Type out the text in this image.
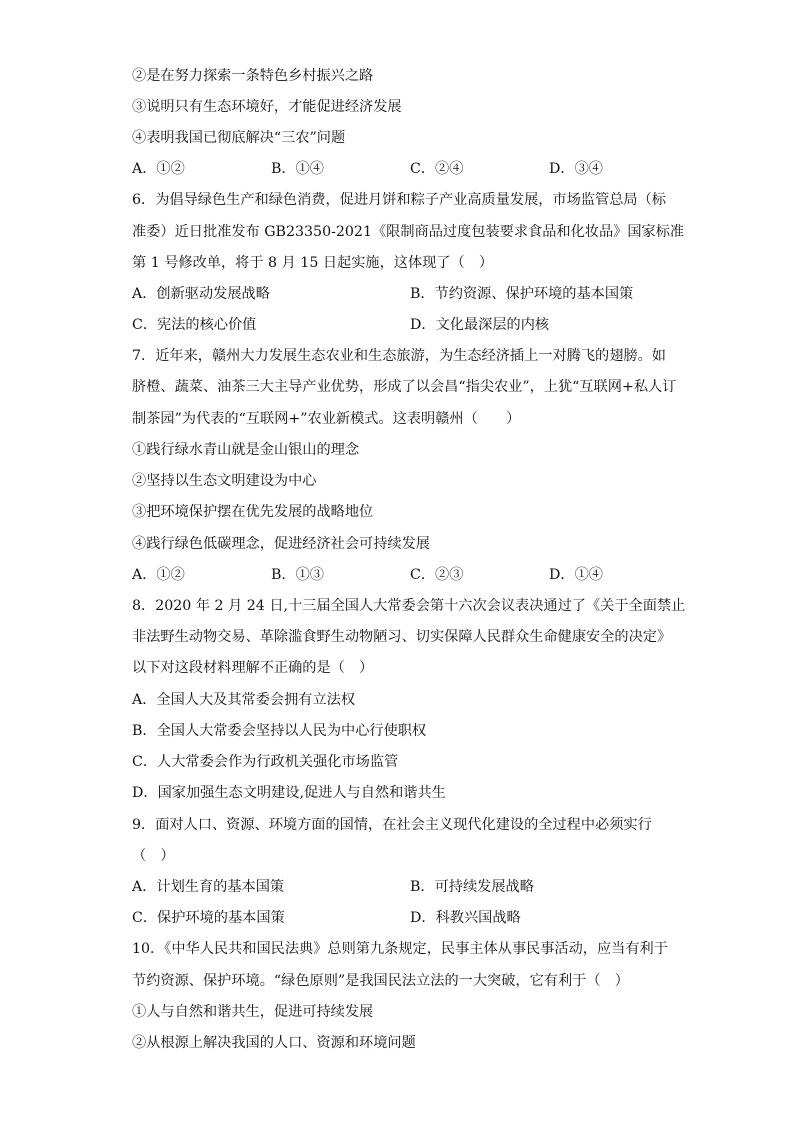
②是在努力探索一条特色乡村振兴之路
③说明只有生态环境好，才能促进经济发展
④表明我国已彻底解决“三农”问题
A．①②	B．①④	C．②④	D．③④
6．为倡导绿色生产和绿色消费，促进月饼和粽子产业高质量发展，市场监管总局（标
准委）近日批准发布 GB23350-2021《限制商品过度包装要求食品和化妆品》国家标准
第 1 号修改单，将于 8 月 15 日起实施，这体现了（　）
A．创新驱动发展战略	B．节约资源、保护环境的基本国策
C．宪法的核心价值	D．文化最深层的内核
7．近年来，赣州大力发展生态农业和生态旅游，为生态经济插上一对腾飞的翅膀。如
脐橙、蔬菜、油茶三大主导产业优势，形成了以会昌“指尖农业”，上犹“互联网+私人订
制茶园”为代表的“互联网+”农业新模式。这表明赣州（　　）
①践行绿水青山就是金山银山的理念
②坚持以生态文明建设为中心
③把环境保护摆在优先发展的战略地位
④践行绿色低碳理念，促进经济社会可持续发展
A．①②	B．①③	C．②③	D．①④
8．2020 年 2 月 24 日,十三届全国人大常委会第十六次会议表决通过了《关于全面禁止
非法野生动物交易、革除滥食野生动物陋习、切实保障人民群众生命健康安全的决定》
以下对这段材料理解不正确的是（　）
A．全国人大及其常委会拥有立法权
B．全国人大常委会坚持以人民为中心行使职权
C．人大常委会作为行政机关强化市场监管
D．国家加强生态文明建设,促进人与自然和谐共生
9．面对人口、资源、环境方面的国情，在社会主义现代化建设的全过程中必须实行
（　）
A．计划生育的基本国策	B．可持续发展战略
C．保护环境的基本国策	D．科教兴国战略
10．《中华人民共和国民法典》总则第九条规定，民事主体从事民事活动，应当有利于
节约资源、保护环境。“绿色原则”是我国民法立法的一大突破，它有利于（　）
①人与自然和谐共生，促进可持续发展
②从根源上解决我国的人口、资源和环境问题
